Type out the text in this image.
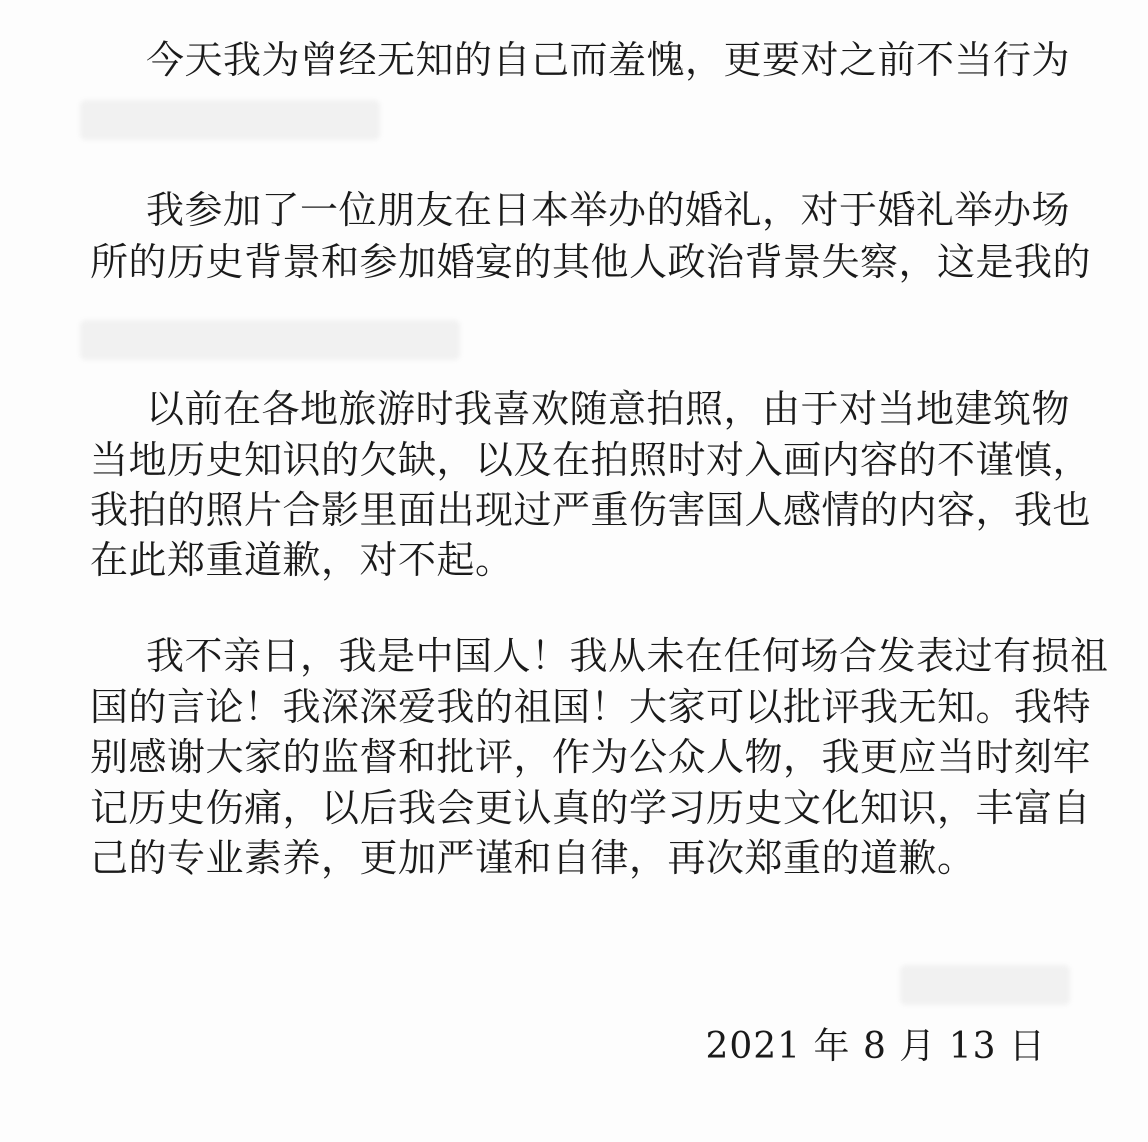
今天我为曾经无知的自己而羞愧，更要对之前不当行为
我参加了一位朋友在日本举办的婚礼，对于婚礼举办场
所的历史背景和参加婚宴的其他人政治背景失察，这是我的
以前在各地旅游时我喜欢随意拍照，由于对当地建筑物
当地历史知识的欠缺，以及在拍照时对入画内容的不谨慎，
我拍的照片合影里面出现过严重伤害国人感情的内容，我也
在此郑重道歉，对不起。
我不亲日，我是中国人！我从未在任何场合发表过有损祖
国的言论！我深深爱我的祖国！大家可以批评我无知。我特
别感谢大家的监督和批评，作为公众人物，我更应当时刻牢
记历史伤痛，以后我会更认真的学习历史文化知识，丰富自
己的专业素养，更加严谨和自律，再次郑重的道歉。
2021 年 8 月 13 日
